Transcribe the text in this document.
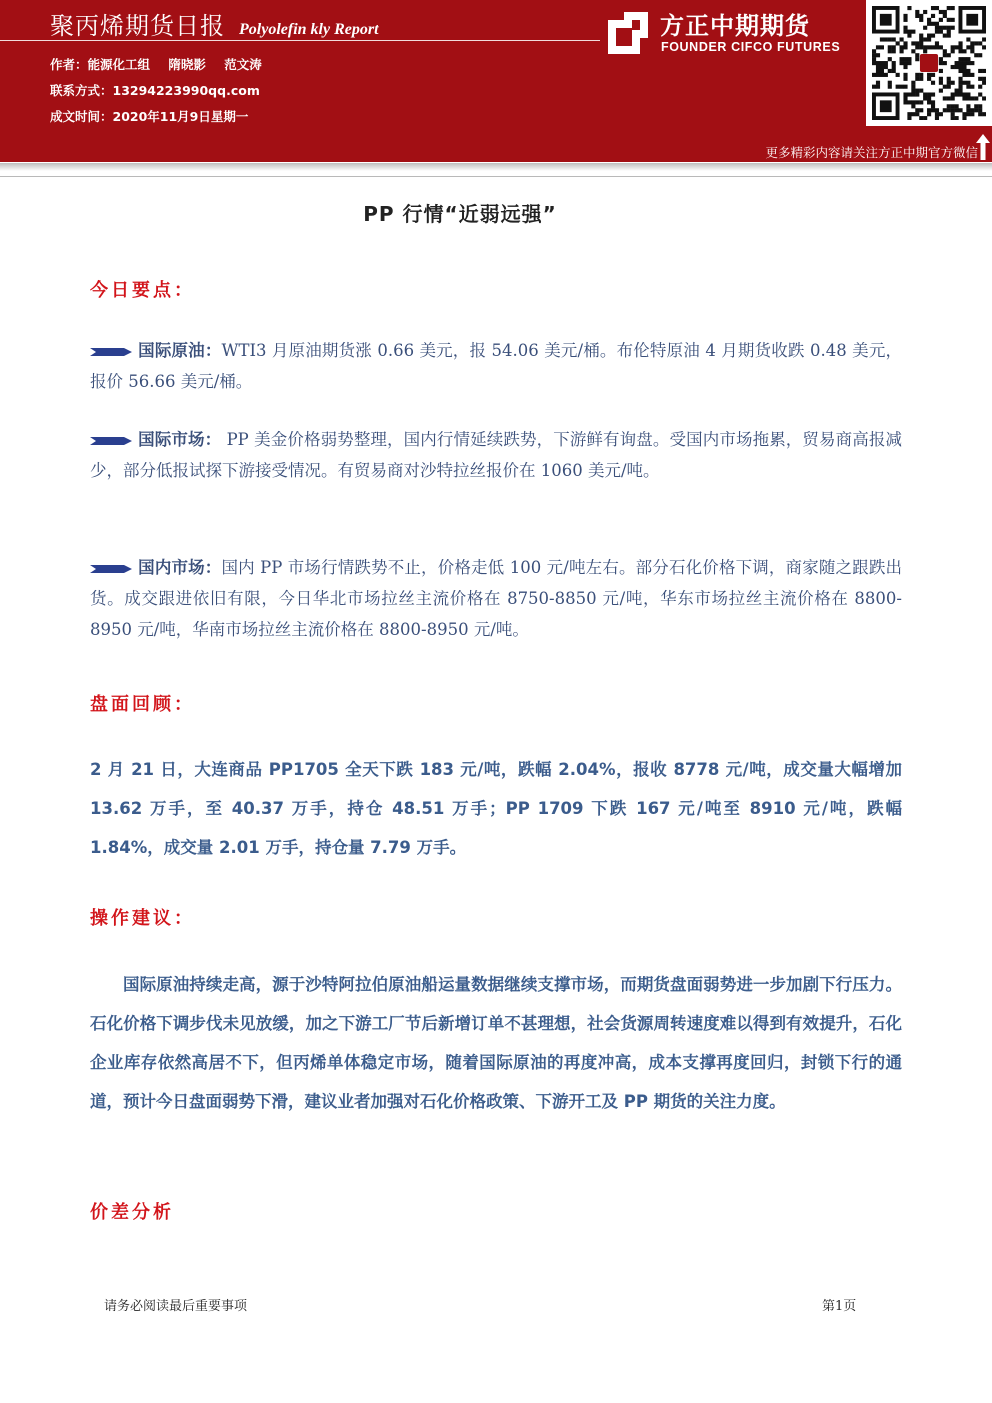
聚丙烯期货日报 Polyolefin kly Report
作者：能源化工组 隋晓影 范文涛
联系方式：13294223990qq.com
成文时间：2020年11月9日星期一
方正中期期货
FOUNDER CIFCO FUTURES
更多精彩内容请关注方正中期官方微信
PP 行情“近弱远强”
今日要点：
国际原油：WTI3 月原油期货涨 0.66 美元，报 54.06 美元/桶。布伦特原油 4 月期货收跌 0.48 美元，报价 56.66 美元/桶。
国际市场： PP 美金价格弱势整理，国内行情延续跌势，下游鲜有询盘。受国内市场拖累，贸易商高报减少，部分低报试探下游接受情况。有贸易商对沙特拉丝报价在 1060 美元/吨。
国内市场：国内 PP 市场行情跌势不止，价格走低 100 元/吨左右。部分石化价格下调，商家随之跟跌出货。成交跟进依旧有限，今日华北市场拉丝主流价格在 8750-8850 元/吨，华东市场拉丝主流价格在 8800-8950 元/吨，华南市场拉丝主流价格在 8800-8950 元/吨。
盘面回顾：
2 月 21 日，大连商品 PP1705 全天下跌 183 元/吨，跌幅 2.04%，报收 8778 元/吨，成交量大幅增加 13.62 万手，至 40.37 万手，持仓 48.51 万手；PP 1709 下跌 167 元/吨至 8910 元/吨，跌幅 1.84%，成交量 2.01 万手，持仓量 7.79 万手。
操作建议：
国际原油持续走高，源于沙特阿拉伯原油船运量数据继续支撑市场，而期货盘面弱势进一步加剧下行压力。石化价格下调步伐未见放缓，加之下游工厂节后新增订单不甚理想，社会货源周转速度难以得到有效提升，石化企业库存依然高居不下，但丙烯单体稳定市场，随着国际原油的再度冲高，成本支撑再度回归，封锁下行的通道，预计今日盘面弱势下滑，建议业者加强对石化价格政策、下游开工及 PP 期货的关注力度。
价差分析
请务必阅读最后重要事项	第1页
